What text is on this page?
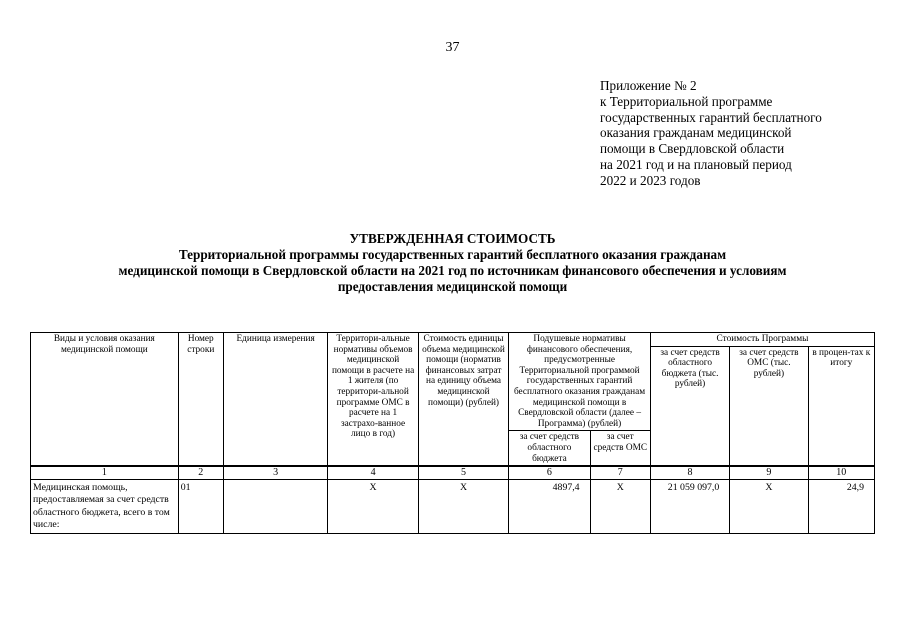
37
Приложение № 2
к Территориальной программе
государственных гарантий бесплатного
оказания гражданам медицинской
помощи в Свердловской области
на 2021 год и на плановый период
2022 и 2023 годов
УТВЕРЖДЕННАЯ СТОИМОСТЬ
Территориальной программы государственных гарантий бесплатного оказания гражданам
медицинской помощи в Свердловской области на 2021 год по источникам финансового обеспечения и условиям
предоставления медицинской помощи
Виды и условия оказания медицинской помощи	Номер строки	Единица измерения	Территори-альные нормативы объемов медицинской помощи в расчете на 1 жителя (по территори-альной программе ОМС в расчете на 1 застрахо-ванное лицо в год)	Стоимость единицы объема медицинской помощи (норматив финансовых затрат на единицу объема медицинской помощи) (рублей)	Подушевые нормативы финансового обеспечения, предусмотренные Территориальной программой государственных гарантий бесплатного оказания гражданам медицинской помощи в Свердловской области (далее – Программа) (рублей)		Стоимость Программы		
							за счет средств областного бюджета (тыс. рублей)	за счет средств ОМС (тыс. рублей)	в процен-тах к итогу
					за счет средств областного бюджета	за счет средств ОМС			
1	2	3	4	5	6	7	8	9	10
Медицинская помощь, предоставляемая за счет средств областного бюджета, всего в том числе:	01		X	X	4897,4	X	21 059 097,0	X	24,9
